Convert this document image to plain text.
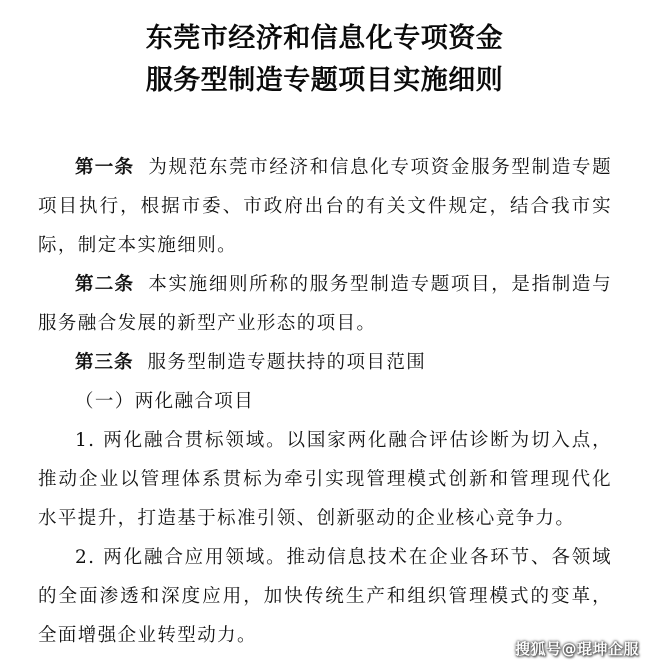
东莞市经济和信息化专项资金
服务型制造专题项目实施细则

第一条 为规范东莞市经济和信息化专项资金服务型制造专题项目执行，根据市委、市政府出台的有关文件规定，结合我市实际，制定本实施细则。

第二条 本实施细则所称的服务型制造专题项目，是指制造与服务融合发展的新型产业形态的项目。

第三条 服务型制造专题扶持的项目范围

（一）两化融合项目

1. 两化融合贯标领域。以国家两化融合评估诊断为切入点，推动企业以管理体系贯标为牵引实现管理模式创新和管理现代化水平提升，打造基于标准引领、创新驱动的企业核心竞争力。

2. 两化融合应用领域。推动信息技术在企业各环节、各领域的全面渗透和深度应用，加快传统生产和组织管理模式的变革，全面增强企业转型动力。

搜狐号@琨坤企服
